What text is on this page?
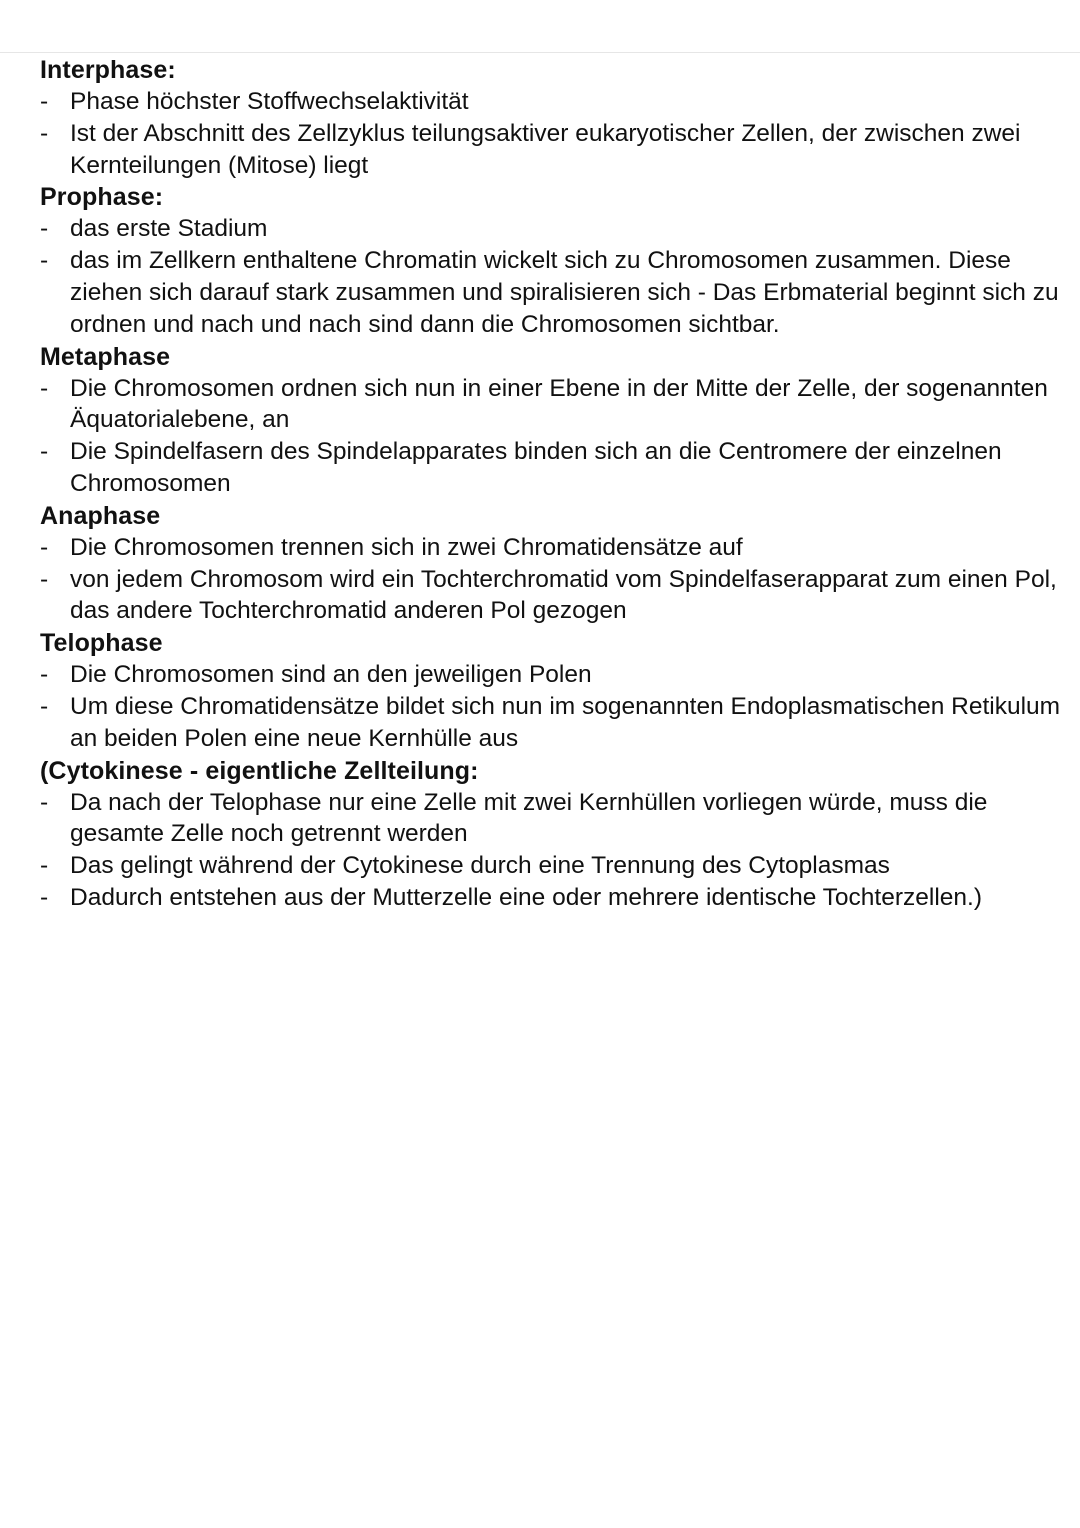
Interphase:
- Phase höchster Stoffwechselaktivität
- Ist der Abschnitt des Zellzyklus teilungsaktiver eukaryotischer Zellen, der zwischen zwei Kernteilungen (Mitose) liegt
Prophase:
- das erste Stadium
- das im Zellkern enthaltene Chromatin wickelt sich zu Chromosomen zusammen. Diese ziehen sich darauf stark zusammen und spiralisieren sich - Das Erbmaterial beginnt sich zu ordnen und nach und nach sind dann die Chromosomen sichtbar.
Metaphase
- Die Chromosomen ordnen sich nun in einer Ebene in der Mitte der Zelle, der sogenannten Äquatorialebene, an
- Die Spindelfasern des Spindelapparates binden sich an die Centromere der einzelnen Chromosomen
Anaphase
- Die Chromosomen trennen sich in zwei Chromatidensätze auf
- von jedem Chromosom wird ein Tochterchromatid vom Spindelfaserapparat zum einen Pol, das andere Tochterchromatid anderen Pol gezogen
Telophase
- Die Chromosomen sind an den jeweiligen Polen
- Um diese Chromatidensätze bildet sich nun im sogenannten Endoplasmatischen Retikulum an beiden Polen eine neue Kernhülle aus
(Cytokinese - eigentliche Zellteilung:
- Da nach der Telophase nur eine Zelle mit zwei Kernhüllen vorliegen würde, muss die gesamte Zelle noch getrennt werden
- Das gelingt während der Cytokinese durch eine Trennung des Cytoplasmas
- Dadurch entstehen aus der Mutterzelle eine oder mehrere identische Tochterzellen.)
